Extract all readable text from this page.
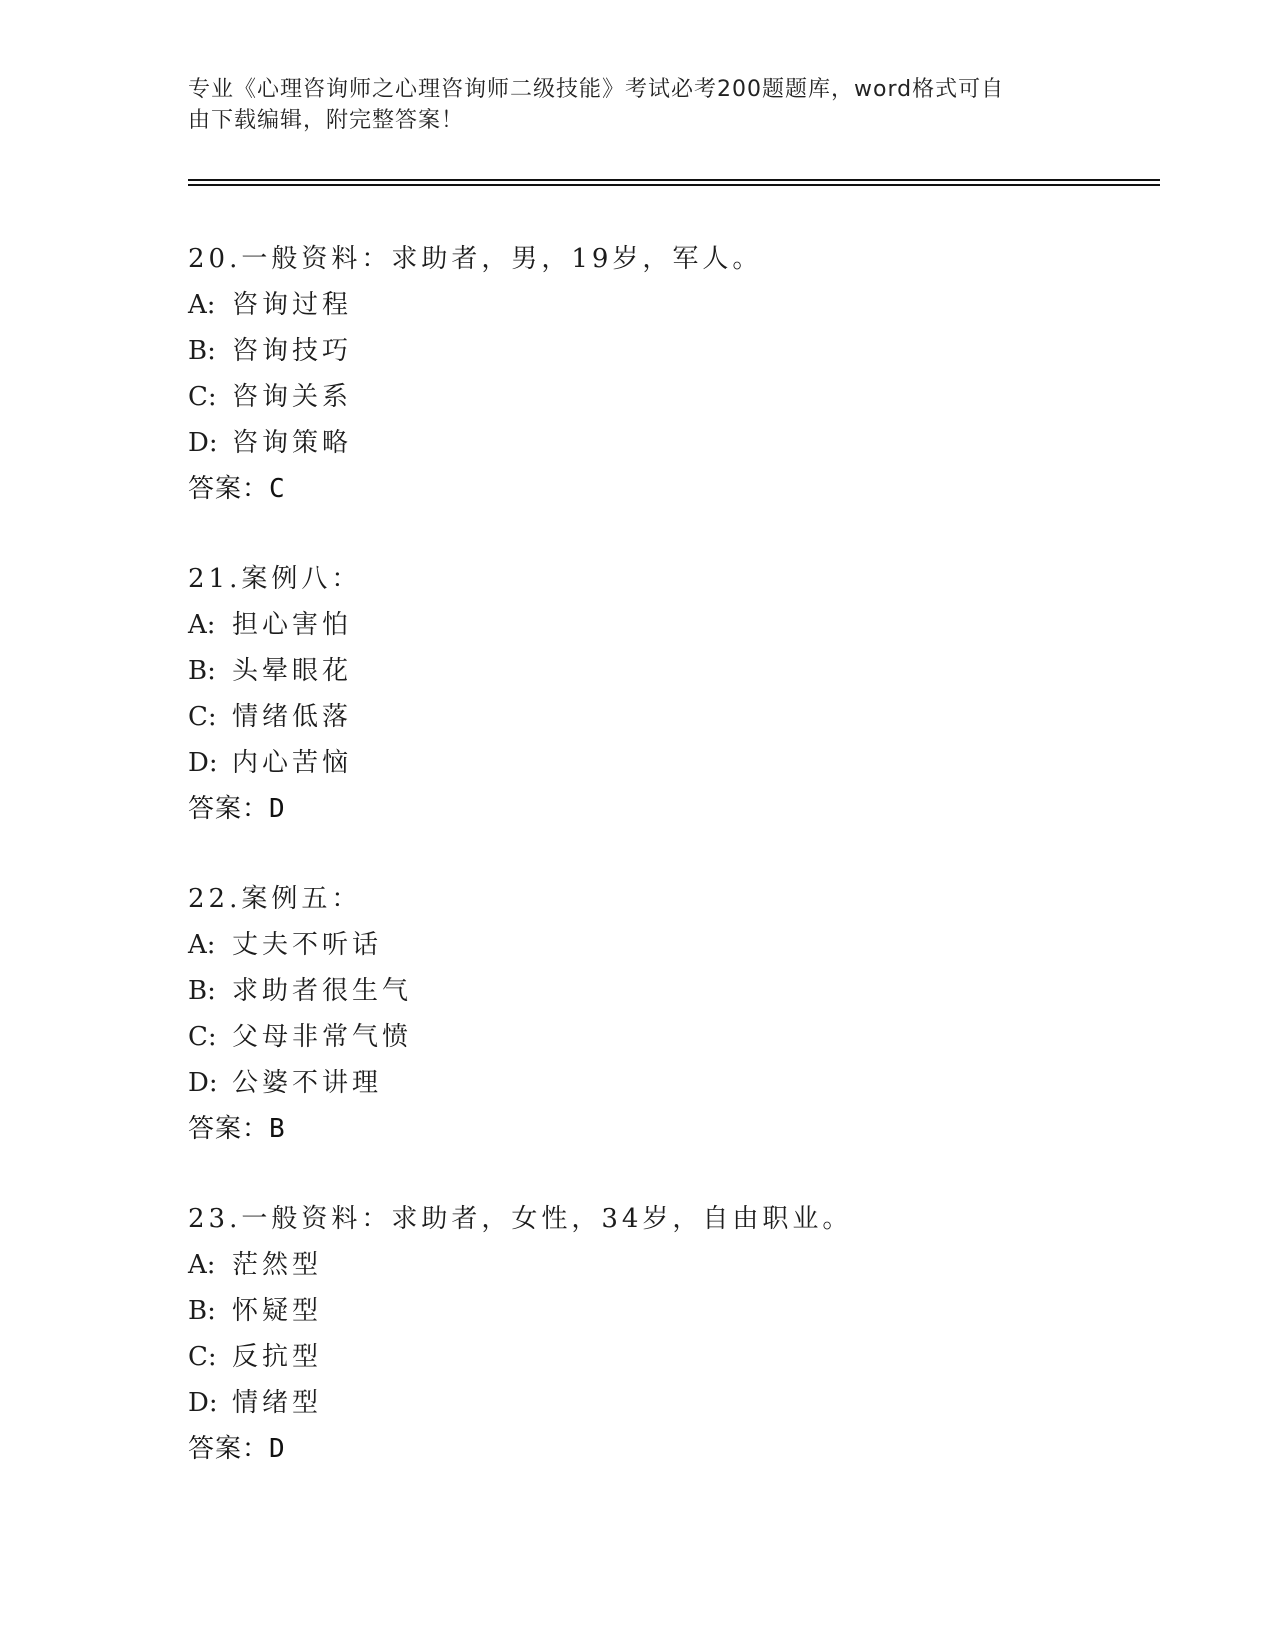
专业《心理咨询师之心理咨询师二级技能》考试必考200题题库，word格式可自
由下载编辑，附完整答案！
20.一般资料：求助者，男，19岁，军人。
A: 咨询过程
B: 咨询技巧
C: 咨询关系
D: 咨询策略
答案：C
21.案例八：
A: 担心害怕
B: 头晕眼花
C: 情绪低落
D: 内心苦恼
答案：D
22.案例五：
A: 丈夫不听话
B: 求助者很生气
C: 父母非常气愤
D: 公婆不讲理
答案：B
23.一般资料：求助者，女性，34岁，自由职业。
A: 茫然型
B: 怀疑型
C: 反抗型
D: 情绪型
答案：D
